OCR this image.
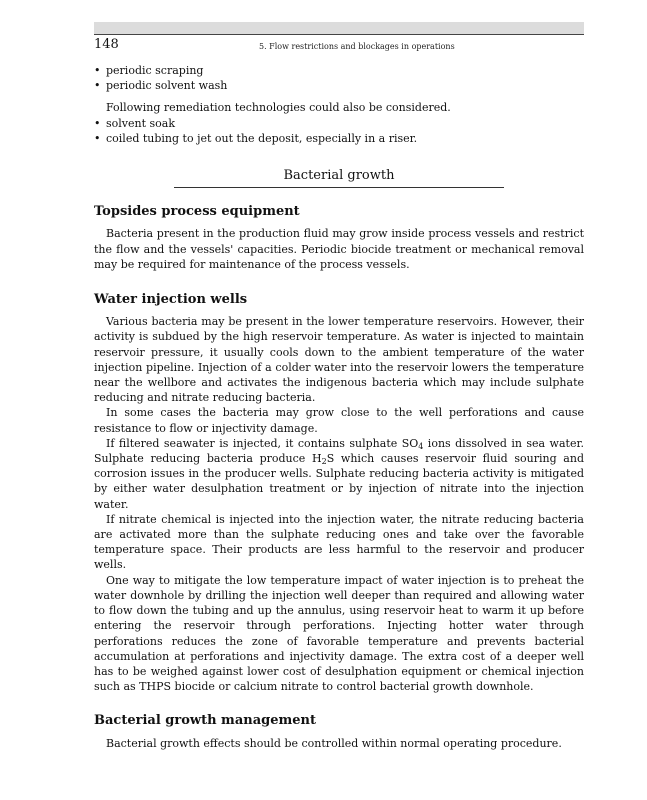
148	5. Flow restrictions and blockages in operations
• periodic scraping
• periodic solvent wash

Following remediation technologies could also be considered.

• solvent soak
• coiled tubing to jet out the deposit, especially in a riser.
Bacterial growth
Topsides process equipment

Bacteria present in the production fluid may grow inside process vessels and restrict the flow and the vessels' capacities. Periodic biocide treatment or mechanical removal may be required for maintenance of the process vessels.

Water injection wells

Various bacteria may be present in the lower temperature reservoirs. However, their activity is subdued by the high reservoir temperature. As water is injected to maintain reservoir pressure, it usually cools down to the ambient temperature of the water injection pipeline. Injection of a colder water into the reservoir lowers the temperature near the wellbore and activates the indigenous bacteria which may include sulphate reducing and nitrate reducing bacteria.

In some cases the bacteria may grow close to the well perforations and cause resistance to flow or injectivity damage.

If filtered seawater is injected, it contains sulphate $SO_4$ ions dissolved in sea water. Sulphate reducing bacteria produce $H_2S$ which causes reservoir fluid souring and corrosion issues in the producer wells. Sulphate reducing bacteria activity is mitigated by either water desulphation treatment or by injection of nitrate into the injection water.

If nitrate chemical is injected into the injection water, the nitrate reducing bacteria are activated more than the sulphate reducing ones and take over the favorable temperature space. Their products are less harmful to the reservoir and producer wells.

One way to mitigate the low temperature impact of water injection is to preheat the water downhole by drilling the injection well deeper than required and allowing water to flow down the tubing and up the annulus, using reservoir heat to warm it up before entering the reservoir through perforations. Injecting hotter water through perforations reduces the zone of favorable temperature and prevents bacterial accumulation at perforations and injectivity damage. The extra cost of a deeper well has to be weighed against lower cost of desulphation equipment or chemical injection such as THPS biocide or calcium nitrate to control bacterial growth downhole.

Bacterial growth management

Bacterial growth effects should be controlled within normal operating procedure.
